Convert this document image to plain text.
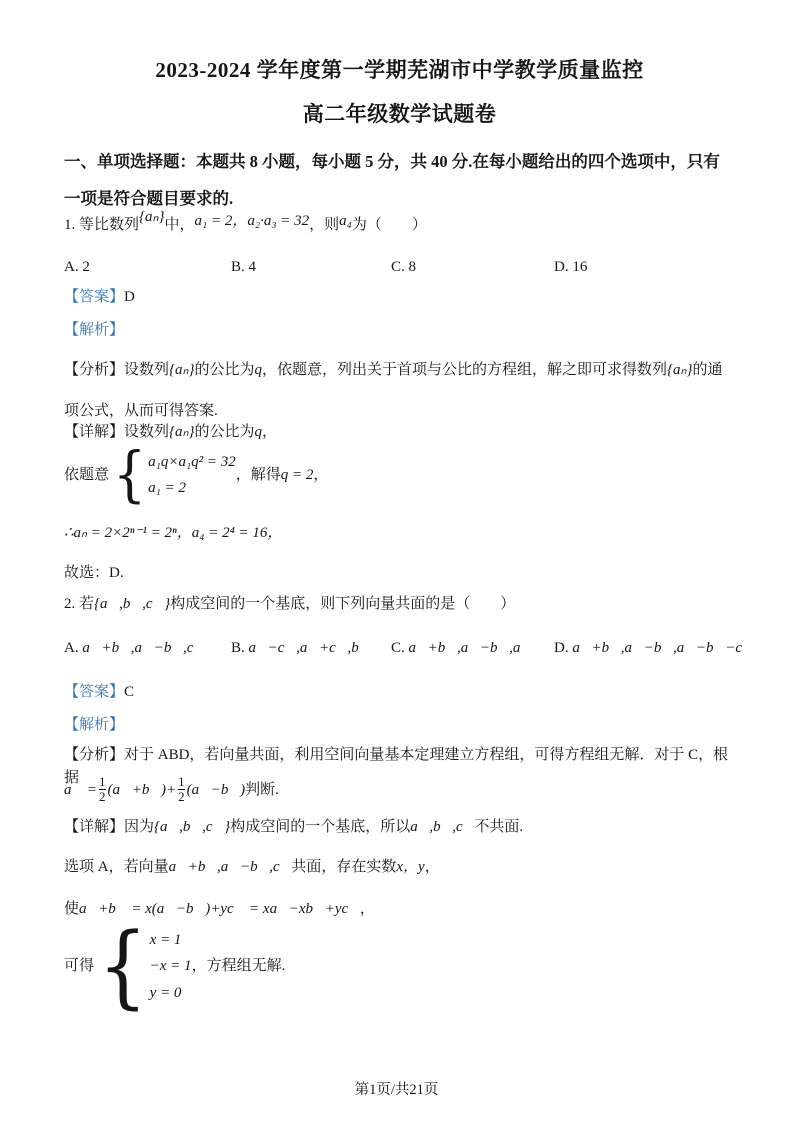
2023-2024 学年度第一学期芜湖市中学教学质量监控
高二年级数学试题卷
一、单项选择题：本题共 8 小题，每小题 5 分，共 40 分.在每小题给出的四个选项中，只有一项是符合题目要求的.
1. 等比数列{aₙ}中，a₁ = 2，a₂·a₃ = 32，则a₄为（　　）
A. 2	B. 4	C. 8	D. 16
【答案】D
【解析】
【分析】设数列{aₙ}的公比为q，依题意，列出关于首项与公比的方程组，解之即可求得数列{aₙ}的通项公式，从而可得答案.
【详解】设数列{aₙ}的公比为q，
依题意 { a₁q×a₁q² = 32
a₁ = 2
，解得 q = 2 ，
∴aₙ = 2×2ⁿ⁻¹ = 2ⁿ，a₄ = 2⁴ = 16，
故选：D.
2. 若{a⃗,b⃗,c⃗}构成空间的一个基底，则下列向量共面的是（　　）
A. a⃗+b⃗,a⃗−b⃗,c⃗	B. a⃗−c⃗,a⃗+c⃗,b⃗	C. a⃗+b⃗,a⃗−b⃗,a⃗	D. a⃗+b⃗,a⃗−b⃗,a⃗−b⃗−c⃗
【答案】C
【解析】
【分析】对于 ABD，若向量共面，利用空间向量基本定理建立方程组，可得方程组无解．对于 C，根据
a⃗ = $\frac{1}{2}$ (a⃗+b⃗) + $\frac{1}{2}$ (a⃗−b⃗) 判断.
【详解】因为{a⃗,b⃗,c⃗}构成空间的一个基底，所以a⃗,b⃗,c⃗不共面.
选项 A，若向量a⃗+b⃗,a⃗−b⃗,c⃗共面，存在实数x，y，
使a⃗+b⃗ = x(a⃗−b⃗)+yc⃗ = xa⃗−xb⃗+yc⃗，
可得 { x = 1
−x = 1
y = 0
，方程组无解.
第1页/共21页
